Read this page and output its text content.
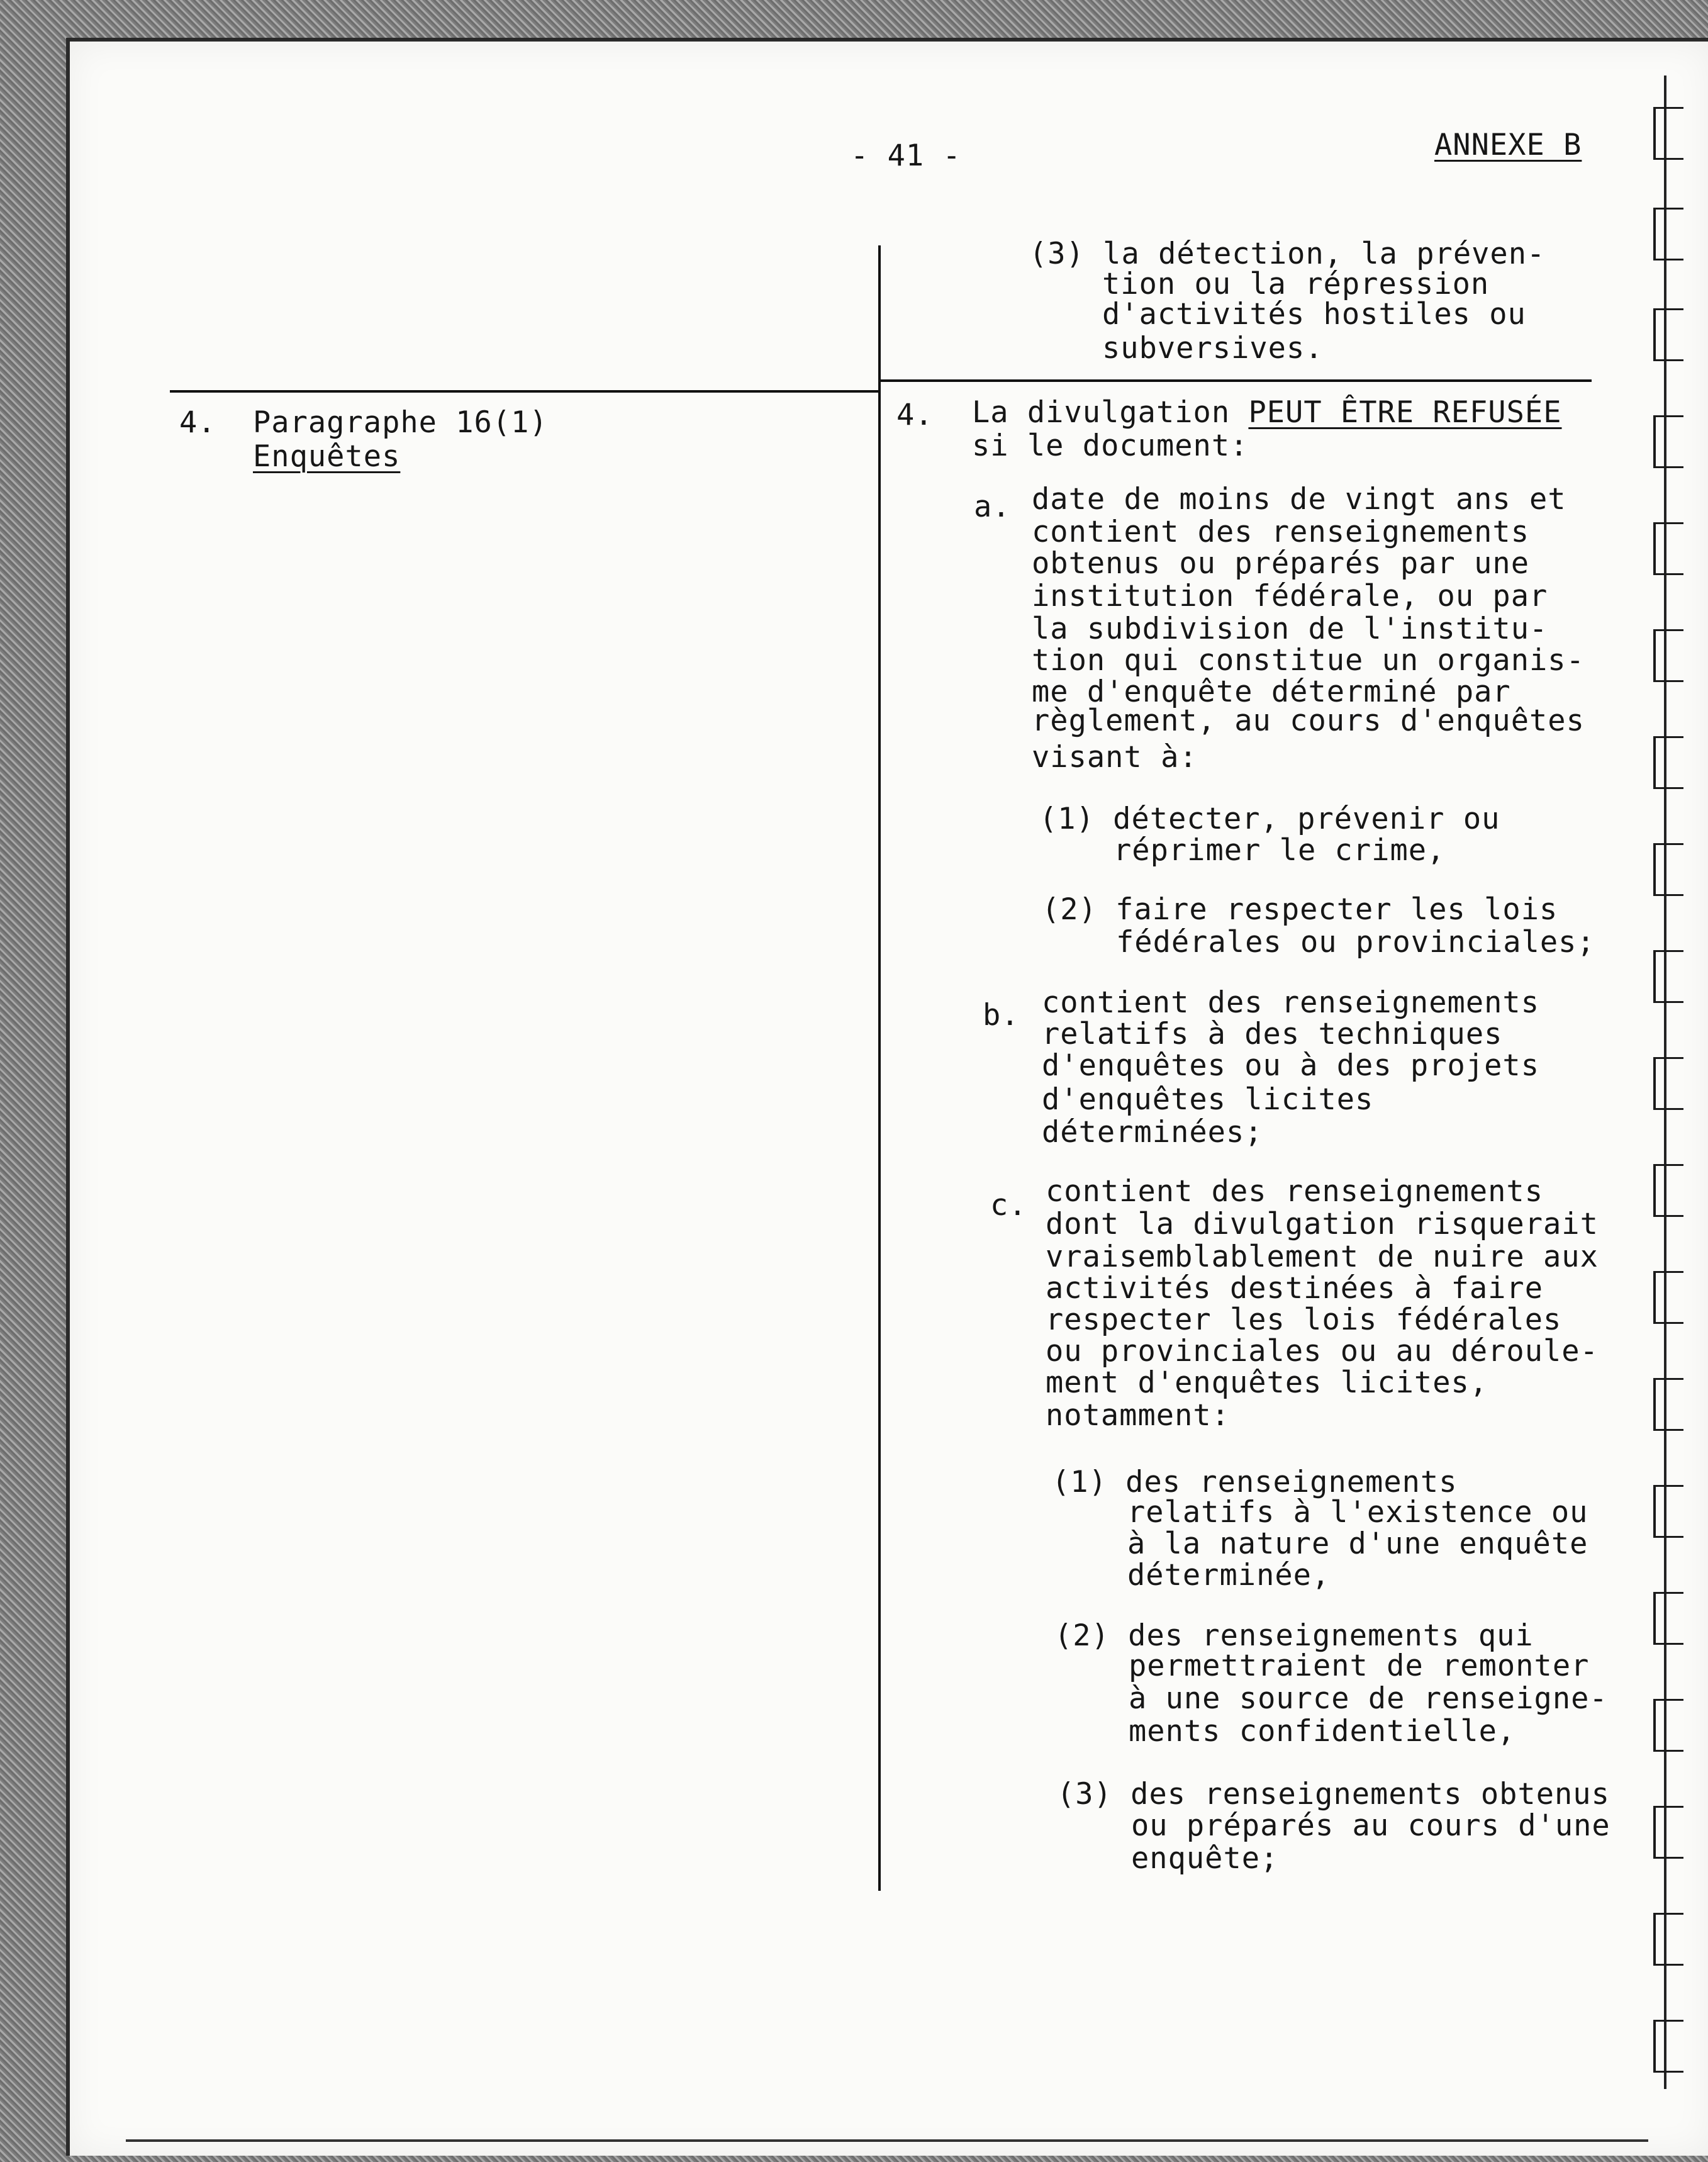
- 41 -	ANNEXE B
(3) la détection, la préven-
tion ou la répression
d'activités hostiles ou
subversives.
4. Paragraphe 16(1)
Enquêtes
4. La divulgation PEUT ÊTRE REFUSÉE
si le document:
a. date de moins de vingt ans et
contient des renseignements
obtenus ou préparés par une
institution fédérale, ou par
la subdivision de l'institu-
tion qui constitue un organis-
me d'enquête déterminé par
règlement, au cours d'enquêtes
visant à:
(1) détecter, prévenir ou
réprimer le crime,
(2) faire respecter les lois
fédérales ou provinciales;
b. contient des renseignements
relatifs à des techniques
d'enquêtes ou à des projets
d'enquêtes licites
déterminées;
c. contient des renseignements
dont la divulgation risquerait
vraisemblablement de nuire aux
activités destinées à faire
respecter les lois fédérales
ou provinciales ou au déroule-
ment d'enquêtes licites,
notamment:
(1) des renseignements
relatifs à l'existence ou
à la nature d'une enquête
déterminée,
(2) des renseignements qui
permettraient de remonter
à une source de renseigne-
ments confidentielle,
(3) des renseignements obtenus
ou préparés au cours d'une
enquête;
